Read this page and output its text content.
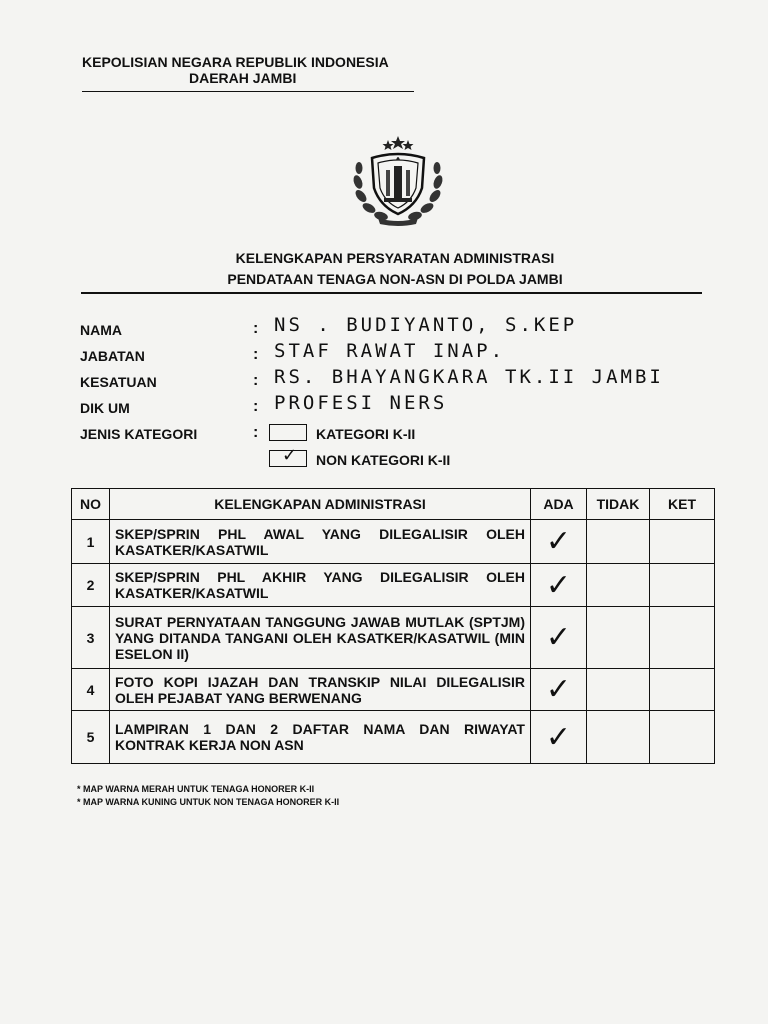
KEPOLISIAN NEGARA REPUBLIK INDONESIA
DAERAH JAMBI
KELENGKAPAN PERSYARATAN ADMINISTRASI
PENDATAAN TENAGA NON-ASN DI POLDA JAMBI
NAMA	: NS . BUDIYANTO, S.KEP
JABATAN	: STAF RAWAT INAP.
KESATUAN	: RS. BHAYANGKARA TK.II JAMBI
DIK UM	: PROFESI NERS
JENIS KATEGORI	:	KATEGORI K-II
✓ NON KATEGORI K-II
NO	KELENGKAPAN ADMINISTRASI	ADA	TIDAK	KET
1	SKEP/SPRIN PHL AWAL YANG DILEGALISIR OLEH KASATKER/KASATWIL	✓		
2	SKEP/SPRIN PHL AKHIR YANG DILEGALISIR OLEH KASATKER/KASATWIL	✓		
3	SURAT PERNYATAAN TANGGUNG JAWAB MUTLAK (SPTJM) YANG DITANDA TANGANI OLEH KASATKER/KASATWIL (MIN ESELON II)	✓		
4	FOTO KOPI IJAZAH DAN TRANSKIP NILAI DILEGALISIR OLEH PEJABAT YANG BERWENANG	✓		
5	LAMPIRAN 1 DAN 2 DAFTAR NAMA DAN RIWAYAT KONTRAK KERJA NON ASN	✓		
* MAP WARNA MERAH UNTUK TENAGA HONORER K-II
* MAP WARNA KUNING UNTUK NON TENAGA HONORER K-II
